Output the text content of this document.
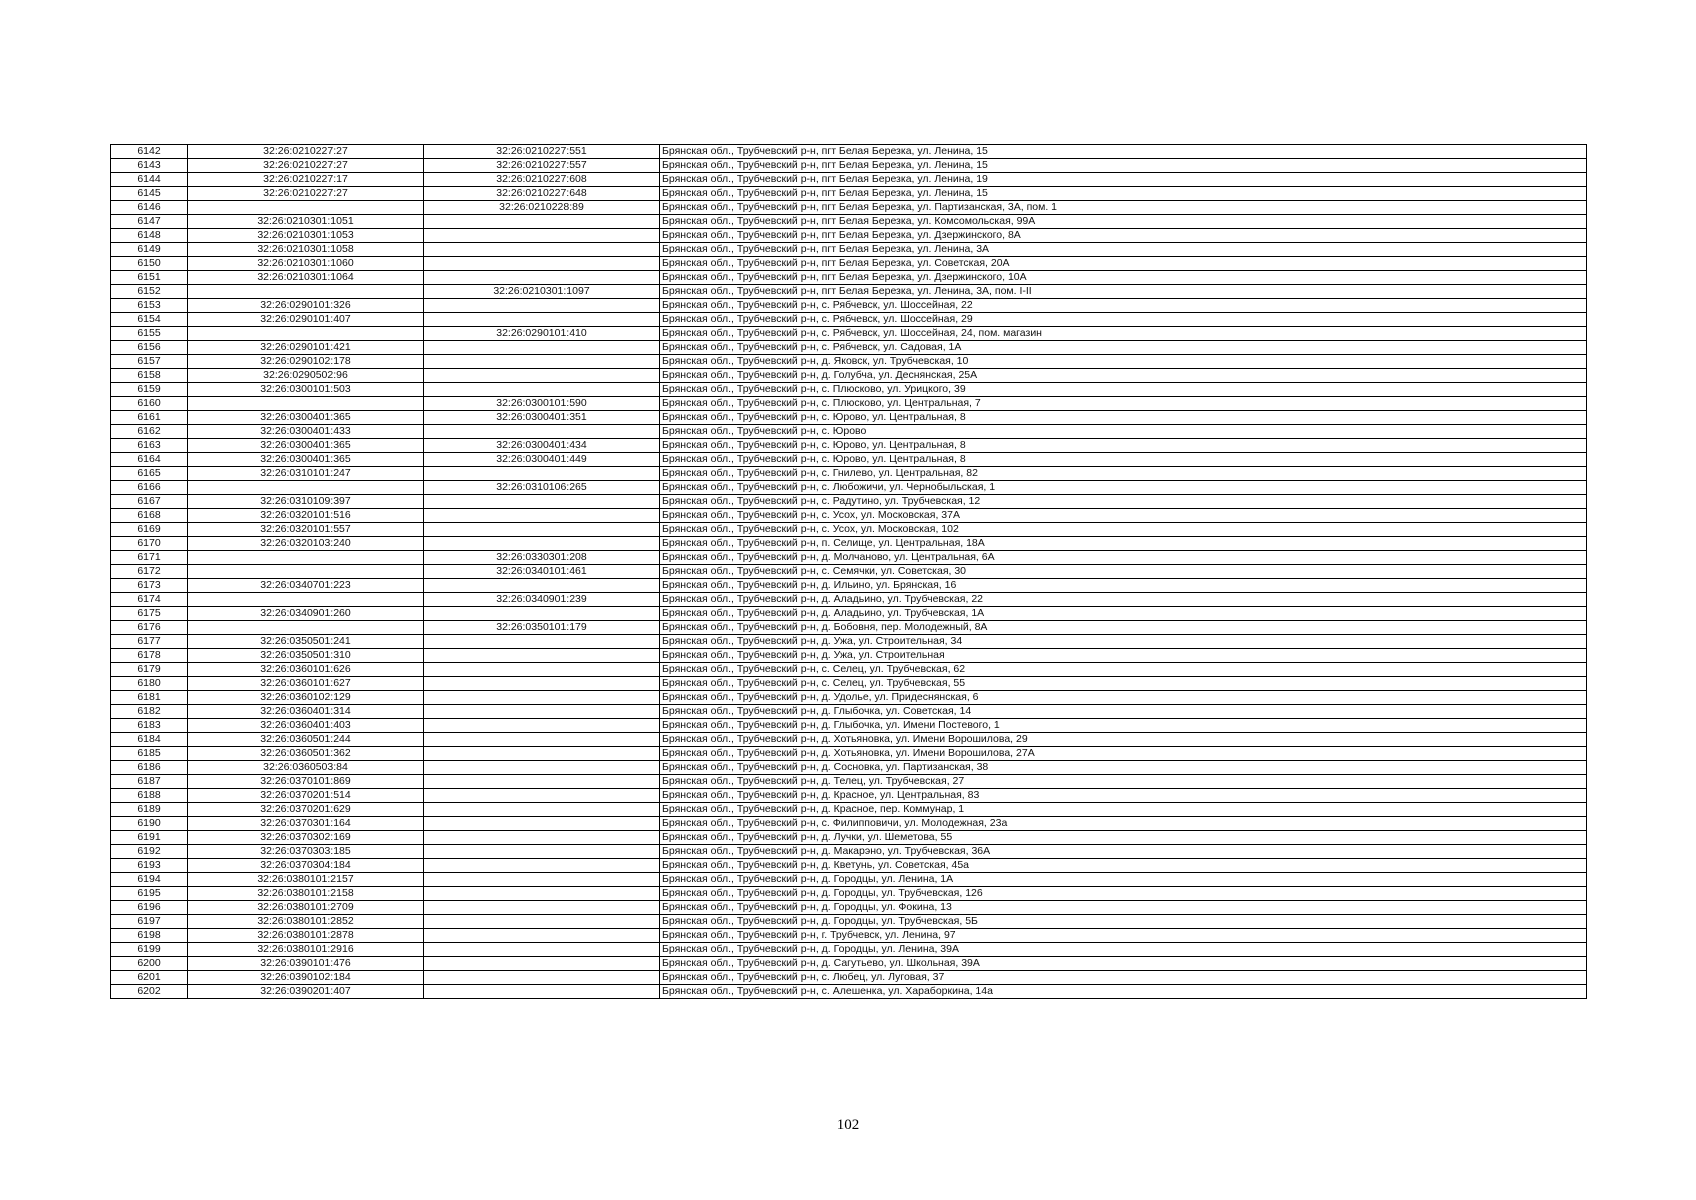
6142	32:26:0210227:27	32:26:0210227:551	Брянская обл., Трубчевский р-н, пгт Белая Березка, ул. Ленина, 15
6143	32:26:0210227:27	32:26:0210227:557	Брянская обл., Трубчевский р-н, пгт Белая Березка, ул. Ленина, 15
6144	32:26:0210227:17	32:26:0210227:608	Брянская обл., Трубчевский р-н, пгт Белая Березка, ул. Ленина, 19
6145	32:26:0210227:27	32:26:0210227:648	Брянская обл., Трубчевский р-н, пгт Белая Березка, ул. Ленина, 15
6146		32:26:0210228:89	Брянская обл., Трубчевский р-н, пгт Белая Березка, ул. Партизанская, 3А, пом. 1
6147	32:26:0210301:1051		Брянская обл., Трубчевский р-н, пгт Белая Березка, ул. Комсомольская, 99А
6148	32:26:0210301:1053		Брянская обл., Трубчевский р-н, пгт Белая Березка, ул. Дзержинского, 8А
6149	32:26:0210301:1058		Брянская обл., Трубчевский р-н, пгт Белая Березка, ул. Ленина, 3А
6150	32:26:0210301:1060		Брянская обл., Трубчевский р-н, пгт Белая Березка, ул. Советская, 20А
6151	32:26:0210301:1064		Брянская обл., Трубчевский р-н, пгт Белая Березка, ул. Дзержинского, 10А
6152		32:26:0210301:1097	Брянская обл., Трубчевский р-н, пгт Белая Березка, ул. Ленина, 3А, пом. I-II
6153	32:26:0290101:326		Брянская обл., Трубчевский р-н, с. Рябчевск, ул. Шоссейная, 22
6154	32:26:0290101:407		Брянская обл., Трубчевский р-н, с. Рябчевск, ул. Шоссейная, 29
6155		32:26:0290101:410	Брянская обл., Трубчевский р-н, с. Рябчевск, ул. Шоссейная, 24, пом. магазин
6156	32:26:0290101:421		Брянская обл., Трубчевский р-н, с. Рябчевск, ул. Садовая, 1А
6157	32:26:0290102:178		Брянская обл., Трубчевский р-н, д. Яковск, ул. Трубчевская, 10
6158	32:26:0290502:96		Брянская обл., Трубчевский р-н, д. Голубча, ул. Деснянская, 25А
6159	32:26:0300101:503		Брянская обл., Трубчевский р-н, с. Плюсково, ул. Урицкого, 39
6160		32:26:0300101:590	Брянская обл., Трубчевский р-н, с. Плюсково, ул. Центральная, 7
6161	32:26:0300401:365	32:26:0300401:351	Брянская обл., Трубчевский р-н, с. Юрово, ул. Центральная, 8
6162	32:26:0300401:433		Брянская обл., Трубчевский р-н, с. Юрово
6163	32:26:0300401:365	32:26:0300401:434	Брянская обл., Трубчевский р-н, с. Юрово, ул. Центральная, 8
6164	32:26:0300401:365	32:26:0300401:449	Брянская обл., Трубчевский р-н, с. Юрово, ул. Центральная, 8
6165	32:26:0310101:247		Брянская обл., Трубчевский р-н, с. Гнилево, ул. Центральная, 82
6166		32:26:0310106:265	Брянская обл., Трубчевский р-н, с. Любожичи, ул. Чернобыльская, 1
6167	32:26:0310109:397		Брянская обл., Трубчевский р-н, с. Радутино, ул. Трубчевская, 12
6168	32:26:0320101:516		Брянская обл., Трубчевский р-н, с. Усох, ул. Московская, 37А
6169	32:26:0320101:557		Брянская обл., Трубчевский р-н, с. Усох, ул. Московская, 102
6170	32:26:0320103:240		Брянская обл., Трубчевский р-н, п. Селище, ул. Центральная, 18А
6171		32:26:0330301:208	Брянская обл., Трубчевский р-н, д. Молчаново, ул. Центральная, 6А
6172		32:26:0340101:461	Брянская обл., Трубчевский р-н, с. Семячки, ул. Советская, 30
6173	32:26:0340701:223		Брянская обл., Трубчевский р-н, д. Ильино, ул. Брянская, 16
6174		32:26:0340901:239	Брянская обл., Трубчевский р-н, д. Аладьино, ул. Трубчевская, 22
6175	32:26:0340901:260		Брянская обл., Трубчевский р-н, д. Аладьино, ул. Трубчевская, 1А
6176		32:26:0350101:179	Брянская обл., Трубчевский р-н, д. Бобовня, пер. Молодежный, 8А
6177	32:26:0350501:241		Брянская обл., Трубчевский р-н, д. Ужа, ул. Строительная, 34
6178	32:26:0350501:310		Брянская обл., Трубчевский р-н, д. Ужа, ул. Строительная
6179	32:26:0360101:626		Брянская обл., Трубчевский р-н, с. Селец, ул. Трубчевская, 62
6180	32:26:0360101:627		Брянская обл., Трубчевский р-н, с. Селец, ул. Трубчевская, 55
6181	32:26:0360102:129		Брянская обл., Трубчевский р-н, д. Удолье, ул. Придеснянская, 6
6182	32:26:0360401:314		Брянская обл., Трубчевский р-н, д. Глыбочка, ул. Советская, 14
6183	32:26:0360401:403		Брянская обл., Трубчевский р-н, д. Глыбочка, ул. Имени Постевого, 1
6184	32:26:0360501:244		Брянская обл., Трубчевский р-н, д. Хотьяновка, ул. Имени Ворошилова, 29
6185	32:26:0360501:362		Брянская обл., Трубчевский р-н, д. Хотьяновка, ул. Имени Ворошилова, 27А
6186	32:26:0360503:84		Брянская обл., Трубчевский р-н, д. Сосновка, ул. Партизанская, 38
6187	32:26:0370101:869		Брянская обл., Трубчевский р-н, д. Телец, ул. Трубчевская, 27
6188	32:26:0370201:514		Брянская обл., Трубчевский р-н, д. Красное, ул. Центральная, 83
6189	32:26:0370201:629		Брянская обл., Трубчевский р-н, д. Красное, пер. Коммунар, 1
6190	32:26:0370301:164		Брянская обл., Трубчевский р-н, с. Филипповичи, ул. Молодежная, 23а
6191	32:26:0370302:169		Брянская обл., Трубчевский р-н, д. Лучки, ул. Шеметова, 55
6192	32:26:0370303:185		Брянская обл., Трубчевский р-н, д. Макарэно, ул. Трубчевская, 36А
6193	32:26:0370304:184		Брянская обл., Трубчевский р-н, д. Кветунь, ул. Советская, 45а
6194	32:26:0380101:2157		Брянская обл., Трубчевский р-н, д. Городцы, ул. Ленина, 1А
6195	32:26:0380101:2158		Брянская обл., Трубчевский р-н, д. Городцы, ул. Трубчевская, 126
6196	32:26:0380101:2709		Брянская обл., Трубчевский р-н, д. Городцы, ул. Фокина, 13
6197	32:26:0380101:2852		Брянская обл., Трубчевский р-н, д. Городцы, ул. Трубчевская, 5Б
6198	32:26:0380101:2878		Брянская обл., Трубчевский р-н, г. Трубчевск, ул. Ленина, 97
6199	32:26:0380101:2916		Брянская обл., Трубчевский р-н, д. Городцы, ул. Ленина, 39А
6200	32:26:0390101:476		Брянская обл., Трубчевский р-н, д. Сагутьево, ул. Школьная, 39А
6201	32:26:0390102:184		Брянская обл., Трубчевский р-н, с. Любец, ул. Луговая, 37
6202	32:26:0390201:407		Брянская обл., Трубчевский р-н, с. Алешенка, ул. Хараборкина, 14а
102
